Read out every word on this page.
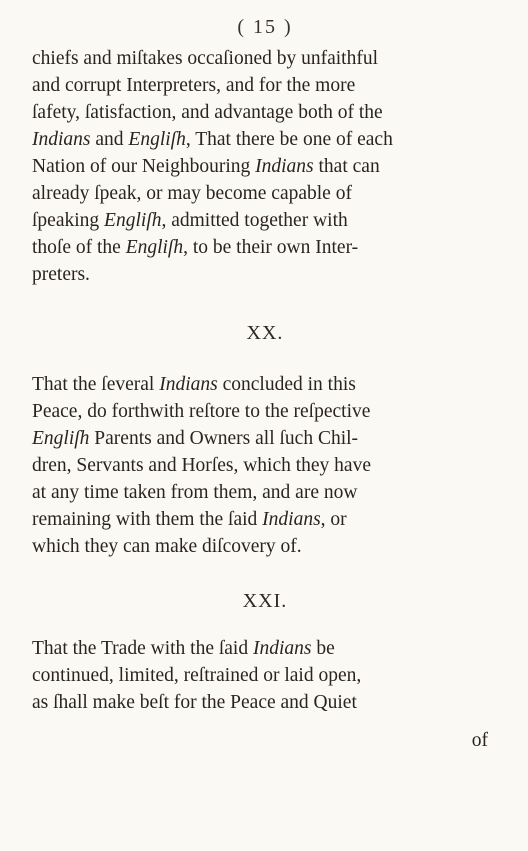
( 15 )
chiefs and miſtakes occaſioned by unfaithful
and corrupt Interpreters, and for the more
ſafety, ſatisfaction, and advantage both of the
Indians and Engliſh, That there be one of each
Nation of our Neighbouring Indians that can
already ſpeak, or may become capable of
ſpeaking Engliſh, admitted together with
thoſe of the Engliſh, to be their own Inter-
preters.
XX.
That the ſeveral Indians concluded in this
Peace, do forthwith reſtore to the reſpective
Engliſh Parents and Owners all ſuch Chil-
dren, Servants and Horſes, which they have
at any time taken from them, and are now
remaining with them the ſaid Indians, or
which they can make diſcovery of.
XXI.
That the Trade with the ſaid Indians be
continued, limited, reſtrained or laid open,
as ſhall make beſt for the Peace and Quiet
of
